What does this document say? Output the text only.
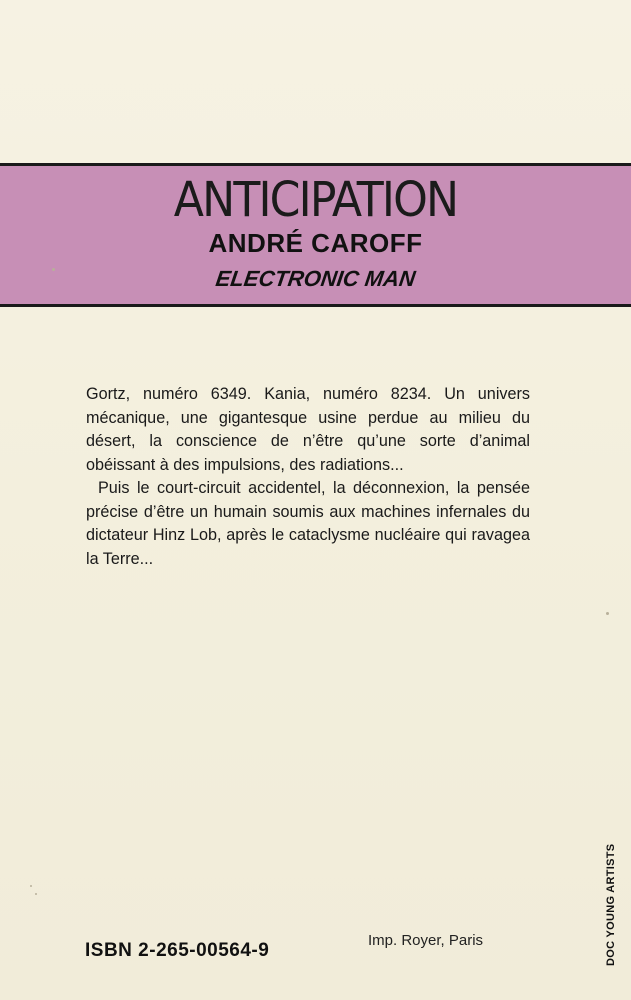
ANTICIPATION
ANDRÉ CAROFF
ELECTRONIC MAN

Gortz, numéro 6349. Kania, numéro 8234. Un univers mécanique, une gigantesque usine perdue au milieu du désert, la conscience de n’être qu’une sorte d’animal obéissant à des impulsions, des radiations...

Puis le court-circuit accidentel, la déconnexion, la pensée précise d’être un humain soumis aux machines infernales du dictateur Hinz Lob, après le cataclysme nucléaire qui ravagea la Terre...

ISBN 2-265-00564-9	Imp. Royer, Paris	DOC YOUNG ARTISTS
